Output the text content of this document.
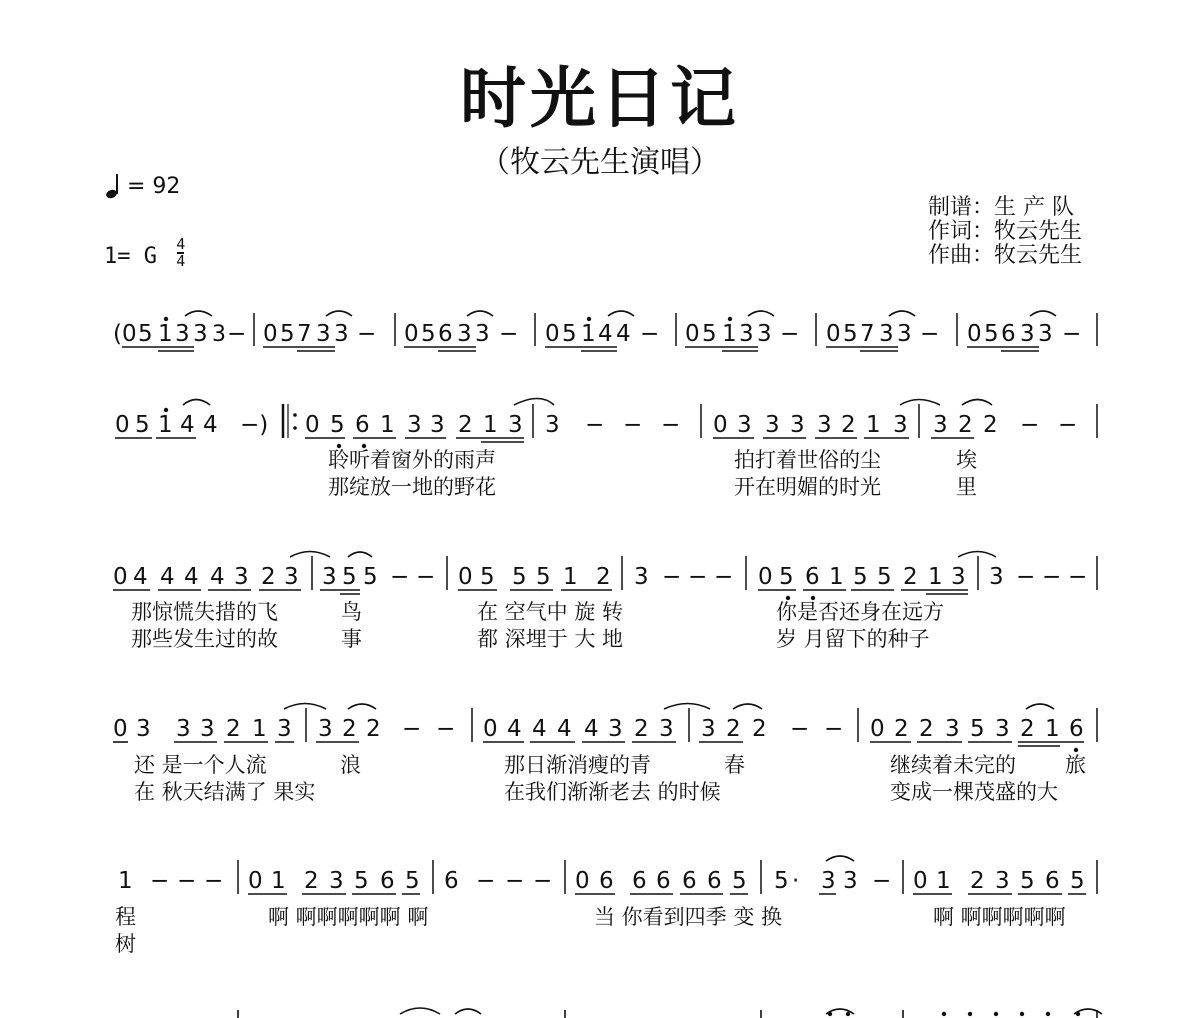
时光日记
（牧云先生演唱）
= 92
1= G $\frac{4}{4}$
制谱：生 产 队
作词：牧云先生
作曲：牧云先生
( 0 5 1 3 3 3 − 0 5 7 3 3 − 0 5 6 3 3 − 0 5 1 4 4 − 0 5 1 3 3 − 0 5 7 3 3 − 0 5 6 3 3 −
0 5 1 4 4 −) 0 5 6 1 3 3 2 1 3 3 − − − 0 3 3 3 3 2 1 3 3 2 2 − −
聆听着窗外的雨声	拍打着世俗的尘	埃
那绽放一地的野花	开在明媚的时光	里
0 4 4 4 4 3 2 3 3 5 5 − − 0 5 5 5 1 2 3 − − − 0 5 6 1 5 5 2 1 3 3 − − −
那惊慌失措的飞	鸟	在 空气中 旋 转	你是否还身在远方
那些发生过的故	事	都 深埋于 大 地	岁 月留下的种子
0 3 3 3 2 1 3 3 2 2 − − 0 4 4 4 4 3 2 3 3 2 2 − − 0 2 2 3 5 3 2 1 6
还 是一个人流	浪	那日渐消瘦的青	春	继续着未完的 旅
在 秋天结满了 果实	在我们渐渐老去 的时候	变成一棵茂盛的大
1 − − − 0 1 2 3 5 6 5 6 − − − 0 6 6 6 6 6 5 5 · 3 3 − 0 1 2 3 5 6 5
程	啊 啊啊啊啊啊 啊	当 你看到四季 变 换	啊 啊啊啊啊啊
树
